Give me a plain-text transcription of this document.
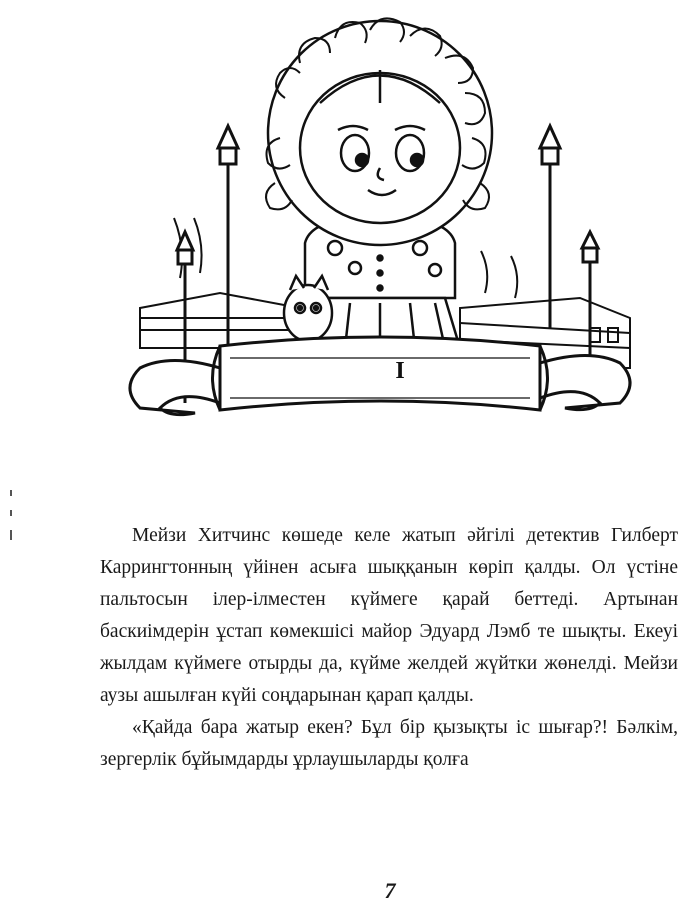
I

Мейзи Хитчинс көшеде келе жатып әйгілі детектив Гилберт Каррингтонның үйінен асыға шыққанын көріп қалды. Ол үстіне пальтосын ілер-ілместен күймеге қарай беттеді. Артынан баскиімдерін ұстап көмекшісі майор Эдуард Лэмб те шықты. Екеуі жылдам күймеге отырды да, күйме желдей жүйтки жөнелді. Мейзи аузы ашылған күйі соңдарынан қарап қалды.

«Қайда бара жатыр екен? Бұл бір қызықты іс шығар?! Бәлкім, зергерлік бұйымдарды ұрлаушыларды қолға

7
